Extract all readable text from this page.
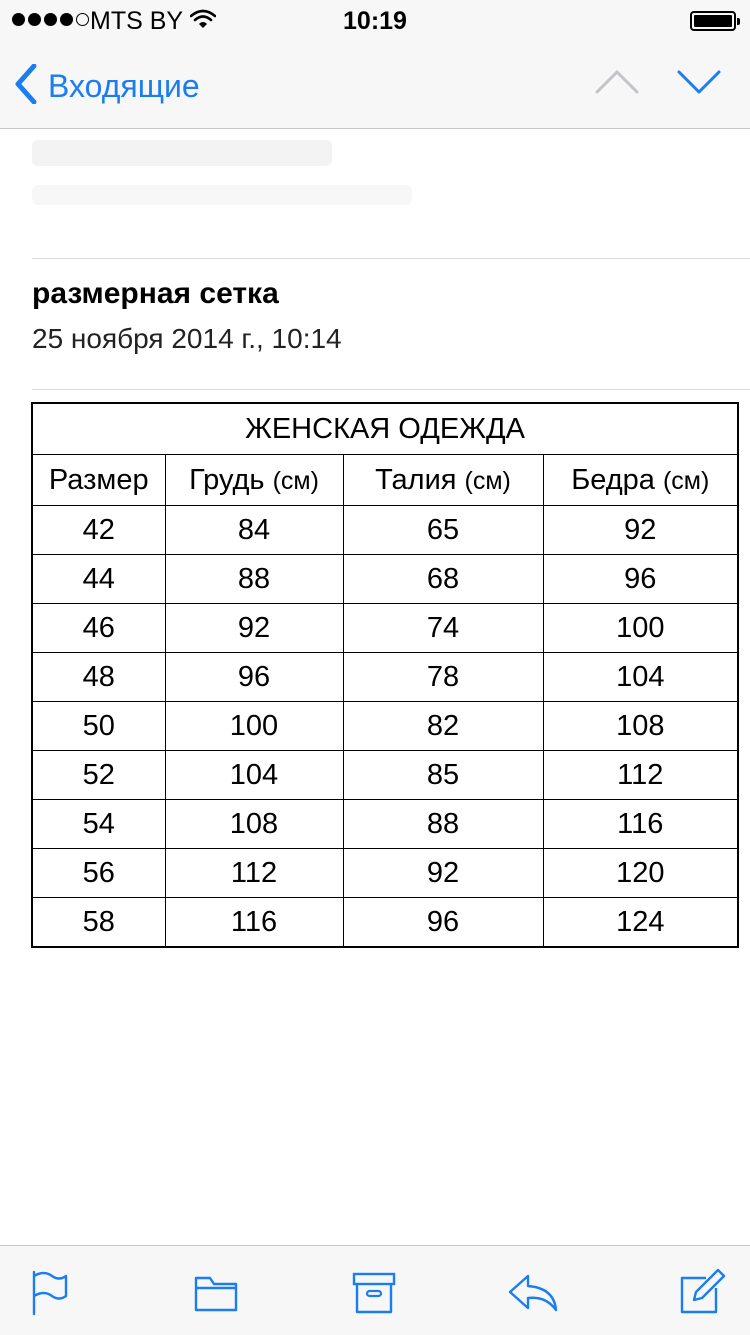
MTS BY	10:19
Входящие
размерная сетка
25 ноября 2014 г., 10:14
ЖЕНСКАЯ ОДЕЖДА			
Размер	Грудь (см)	Талия (см)	Бедра (см)
42	84	65	92
44	88	68	96
46	92	74	100
48	96	78	104
50	100	82	108
52	104	85	112
54	108	88	116
56	112	92	120
58	116	96	124
